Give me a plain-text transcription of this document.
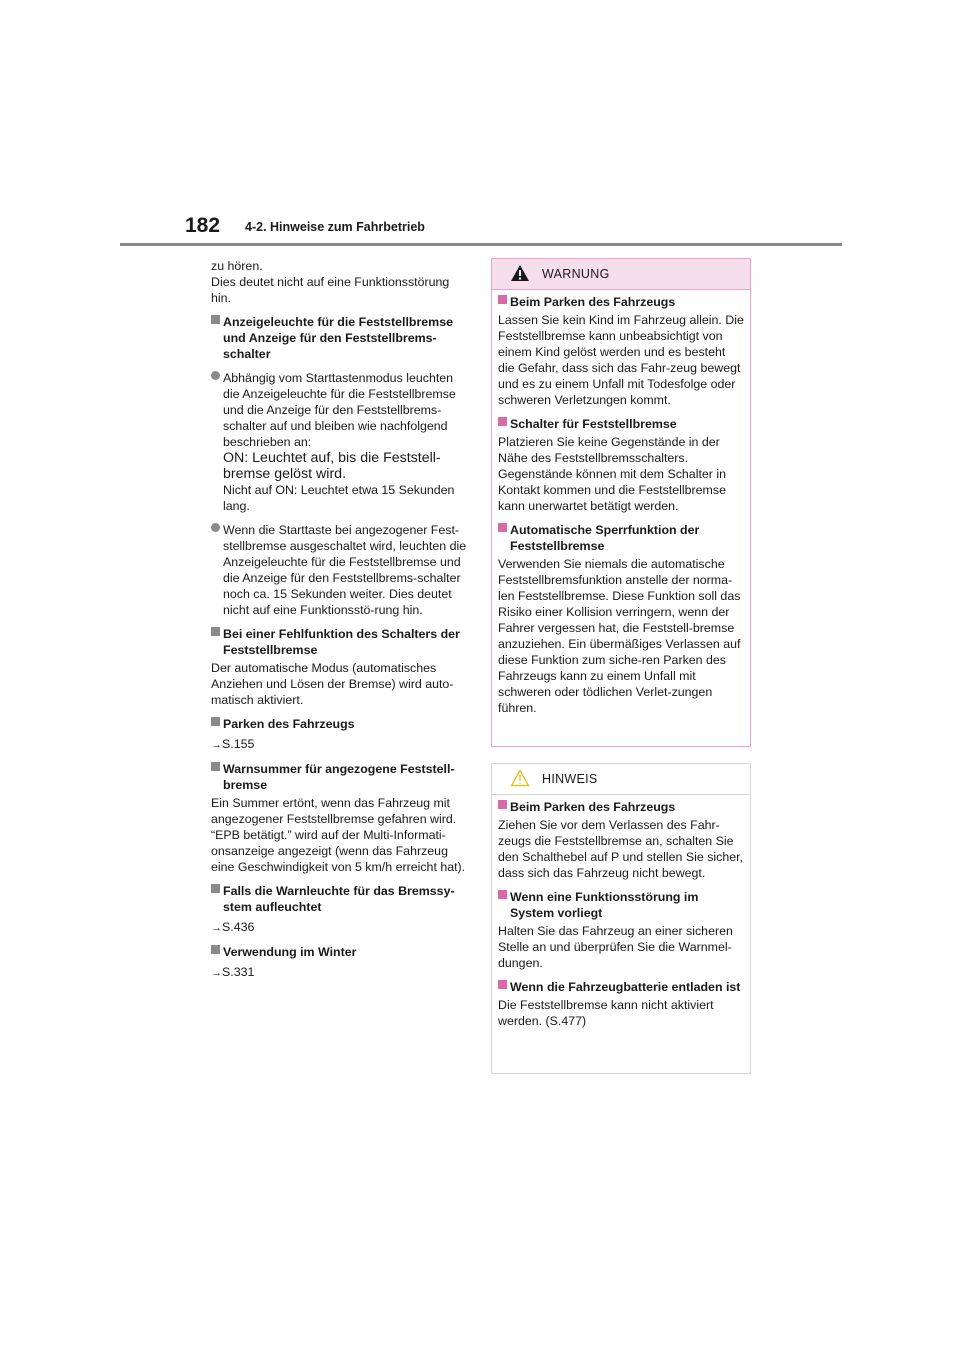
182 4-2. Hinweise zum Fahrbetrieb

zu hören.
Dies deutet nicht auf eine Funktionsstörung hin.

Anzeigeleuchte für die Feststellbremse und Anzeige für den Feststellbrems-schalter
Abhängig vom Starttastenmodus leuchten die Anzeigeleuchte für die Feststellbremse und die Anzeige für den Feststellbrems-schalter auf und bleiben wie nachfolgend beschrieben an:
ON: Leuchtet auf, bis die Feststell-bremse gelöst wird.
Nicht auf ON: Leuchtet etwa 15 Sekunden lang.
Wenn die Starttaste bei angezogener Fest-stellbremse ausgeschaltet wird, leuchten die Anzeigeleuchte für die Feststellbremse und die Anzeige für den Feststellbrems-schalter noch ca. 15 Sekunden weiter. Dies deutet nicht auf eine Funktionsstö-rung hin.
Bei einer Fehlfunktion des Schalters der Feststellbremse

Der automatische Modus (automatisches Anziehen und Lösen der Bremse) wird auto-matisch aktiviert.

Parken des Fahrzeugs

→S.155

Warnsummer für angezogene Feststell-bremse

Ein Summer ertönt, wenn das Fahrzeug mit angezogener Feststellbremse gefahren wird. “EPB betätigt.” wird auf der Multi-Informati-onsanzeige angezeigt (wenn das Fahrzeug eine Geschwindigkeit von 5 km/h erreicht hat).

Falls die Warnleuchte für das Bremssy-stem aufleuchtet

→S.436

Verwendung im Winter

→S.331

WARNUNG
Beim Parken des Fahrzeugs

Lassen Sie kein Kind im Fahrzeug allein. Die Feststellbremse kann unbeabsichtigt von einem Kind gelöst werden und es besteht die Gefahr, dass sich das Fahr-zeug bewegt und es zu einem Unfall mit Todesfolge oder schweren Verletzungen kommt.

Schalter für Feststellbremse

Platzieren Sie keine Gegenstände in der Nähe des Feststellbremsschalters. Gegenstände können mit dem Schalter in Kontakt kommen und die Feststellbremse kann unerwartet betätigt werden.

Automatische Sperrfunktion der Feststellbremse

Verwenden Sie niemals die automatische Feststellbremsfunktion anstelle der norma-len Feststellbremse. Diese Funktion soll das Risiko einer Kollision verringern, wenn der Fahrer vergessen hat, die Feststell-bremse anzuziehen. Ein übermäßiges Verlassen auf diese Funktion zum siche-ren Parken des Fahrzeugs kann zu einem Unfall mit schweren oder tödlichen Verlet-zungen führen.

HINWEIS
Beim Parken des Fahrzeugs

Ziehen Sie vor dem Verlassen des Fahr-zeugs die Feststellbremse an, schalten Sie den Schalthebel auf P und stellen Sie sicher, dass sich das Fahrzeug nicht bewegt.

Wenn eine Funktionsstörung im System vorliegt

Halten Sie das Fahrzeug an einer sicheren Stelle an und überprüfen Sie die Warnmel-dungen.

Wenn die Fahrzeugbatterie entladen ist

Die Feststellbremse kann nicht aktiviert werden. (S.477)
